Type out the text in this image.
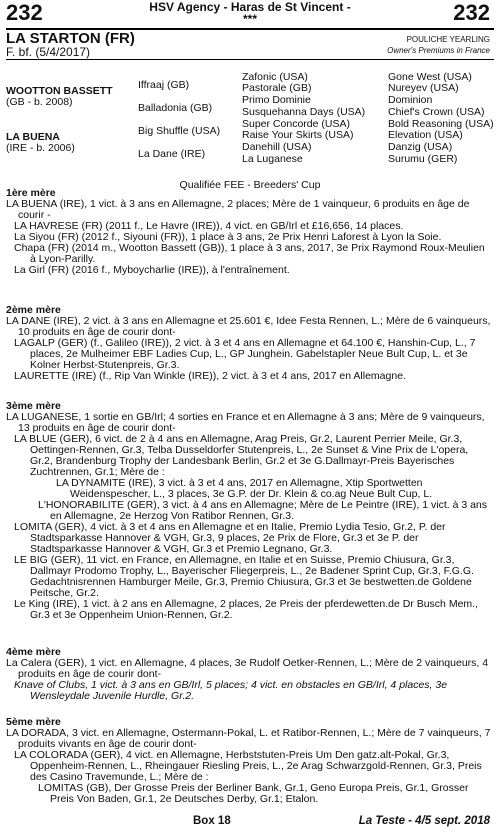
232	232
HSV Agency - Haras de St Vincent -
***
LA STARTON (FR)
F. bf. (5/4/2017)
POULICHE YEARLING
Owner's Premiums in France
WOOTTON BASSETT
(GB - b. 2008)
LA BUENA
(IRE - b. 2006)
Iffraaj (GB)
Balladonia (GB)
Big Shuffle (USA)
La Dane (IRE)
Zafonic (USA)
Pastorale (GB)
Primo Dominie
Susquehanna Days (USA)
Super Concorde (USA)
Raise Your Skirts (USA)
Danehill (USA)
La Luganese
Gone West (USA)
Nureyev (USA)
Dominion
Chief's Crown (USA)
Bold Reasoning (USA)
Elevation (USA)
Danzig (USA)
Surumu (GER)
Qualifiée FEE - Breeders' Cup

1ère mère

LA BUENA (IRE), 1 vict. à 3 ans en Allemagne, 2 places; Mère de 1 vainqueur, 6 produits en âge de courir -

LA HAVRESE (FR) (2011 f., Le Havre (IRE)), 4 vict. en GB/Irl et £16,656, 14 places.

La Siyou (FR) (2012 f., Siyouni (FR)), 1 place à 3 ans, 2e Prix Henri Laforest à Lyon la Soie.

Chapa (FR) (2014 m., Wootton Bassett (GB)), 1 place à 3 ans, 2017, 3e Prix Raymond Roux-Meulien à Lyon-Parilly.

La Girl (FR) (2016 f., Myboycharlie (IRE)), à l'entraînement.

2ème mère

LA DANE (IRE), 2 vict. à 3 ans en Allemagne et 25.601 €, Idee Festa Rennen, L.; Mère de 6 vainqueurs, 10 produits en âge de courir dont-

LAGALP (GER) (f., Galileo (IRE)), 2 vict. à 3 et 4 ans en Allemagne et 64.100 €, Hanshin-Cup, L., 7 places, 2e Mulheimer EBF Ladies Cup, L., GP Junghein. Gabelstapler Neue Bult Cup, L. et 3e Kolner Herbst-Stutenpreis, Gr.3.

LAURETTE (IRE) (f., Rip Van Winkle (IRE)), 2 vict. à 3 et 4 ans, 2017 en Allemagne.

3ème mère

LA LUGANESE, 1 sortie en GB/Irl; 4 sorties en France et en Allemagne à 3 ans; Mère de 9 vainqueurs, 13 produits en âge de courir dont-

LA BLUE (GER), 6 vict. de 2 à 4 ans en Allemagne, Arag Preis, Gr.2, Laurent Perrier Meile, Gr.3, Oettingen-Rennen, Gr.3, Telba Dusseldorfer Stutenpreis, L., 2e Sunset & Vine Prix de L'opera, Gr.2, Brandenburg Trophy der Landesbank Berlin, Gr.2 et 3e G.Dallmayr-Preis Bayerisches Zuchtrennen, Gr.1; Mère de :

LA DYNAMITE (IRE), 3 vict. à 3 et 4 ans, 2017 en Allemagne, Xtip Sportwetten Weidenspescher, L., 3 places, 3e G.P. der Dr. Klein & co.ag Neue Bult Cup, L.

L'HONORABILITE (GER), 3 vict. à 4 ans en Allemagne; Mère de Le Peintre (IRE), 1 vict. à 3 ans en Allemagne, 2e Herzog Von Ratibor Rennen, Gr.3.

LOMITA (GER), 4 vict. à 3 et 4 ans en Allemagne et en Italie, Premio Lydia Tesio, Gr.2, P. der Stadtsparkasse Hannover & VGH, Gr.3, 9 places, 2e Prix de Flore, Gr.3 et 3e P. der Stadtsparkasse Hannover & VGH, Gr.3 et Premio Legnano, Gr.3.

LE BIG (GER), 11 vict. en France, en Allemagne, en Italie et en Suisse, Premio Chiusura, Gr.3, Dallmayr Prodomo Trophy, L., Bayerischer Fliegerpreis, L., 2e Badener Sprint Cup, Gr.3, F.G.G. Gedachtnisrennen Hamburger Meile, Gr.3, Premio Chiusura, Gr.3 et 3e bestwetten.de Goldene Peitsche, Gr.2.

Le King (IRE), 1 vict. à 2 ans en Allemagne, 2 places, 2e Preis der pferdewetten.de Dr Busch Mem., Gr.3 et 3e Oppenheim Union-Rennen, Gr.2.

4ème mère

La Calera (GER), 1 vict. en Allemagne, 4 places, 3e Rudolf Oetker-Rennen, L.; Mère de 2 vainqueurs, 4 produits en âge de courir dont-

Knave of Clubs, 1 vict. à 3 ans en GB/Irl, 5 places; 4 vict. en obstacles en GB/Irl, 4 places, 3e Wensleydale Juvenile Hurdle, Gr.2.

5ème mère

LA DORADA, 3 vict. en Allemagne, Ostermann-Pokal, L. et Ratibor-Rennen, L.; Mère de 7 vainqueurs, 7 produits vivants en âge de courir dont-

LA COLORADA (GER), 4 vict. en Allemagne, Herbststuten-Preis Um Den gatz.alt-Pokal, Gr.3, Oppenheim-Rennen, L., Rheingauer Riesling Preis, L., 2e Arag Schwarzgold-Rennen, Gr.3, Preis des Casino Travemunde, L.; Mère de :

LOMITAS (GB), Der Grosse Preis der Berliner Bank, Gr.1, Geno Europa Preis, Gr.1, Grosser Preis Von Baden, Gr.1, 2e Deutsches Derby, Gr.1; Etalon.

Box 18	La Teste - 4/5 sept. 2018
